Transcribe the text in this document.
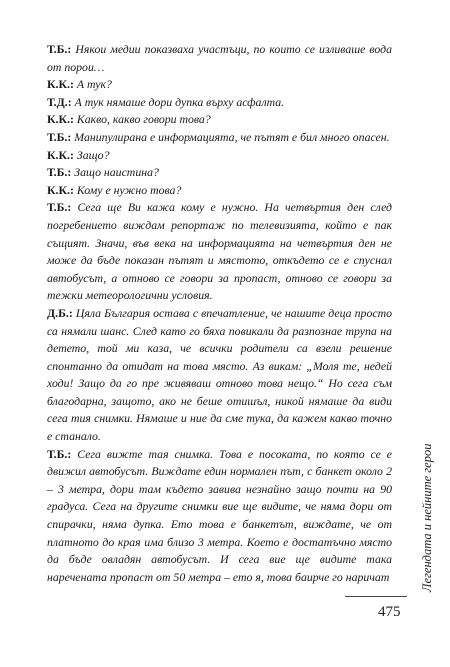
Т.Б.: Някои медии показваха участъци, по които се изливаше вода от порои…

К.К.: А тук?

Т.Д.: А тук нямаше дори дупка върху асфалта.

К.К.: Какво, какво говори това?

Т.Б.: Манипулирана е информацията, че пътят е бил много опасен.

К.К.: Защо?

Т.Б.: Защо наистина?

К.К.: Кому е нужно това?

Т.Б.: Сега ще Ви кажа кому е нужно. На четвъртия ден след погребението виждам репортаж по телевизията, който е пак същият. Значи, във века на информацията на четвъртия ден не може да бъде показан пътят и мястото, откъдето се е спуснал автобусът, а отново се говори за пропаст, отново се говори за тежки метеорологични условия.

Д.Б.: Цяла България остава с впечатление, че нашите деца просто са нямали шанс. След като го бяха повикали да разпознае трупа на детето, той ми каза, че всички родители са взели решение спонтанно да отидат на това място. Аз викам: „Моля те, недей ходи! Защо да го пре живяваш отново това нещо.“ Но сега съм благодарна, защото, ако не беше отишъл, никой нямаше да види сега тия снимки. Нямаше и ние да сме тука, да кажем какво точно е станало.

Т.Б.: Сега вижте тая снимка. Това е посоката, по която се е движил автобусът. Виждате един нормален път, с банкет около 2 – 3 метра, дори там където завива незнайно защо почти на 90 градуса. Сега на другите снимки вие ще видите, че няма дори от спирачки, няма дупка. Ето това е банкетът, виждате, че от платното до края има близо 3 метра. Което е достатъчно място да бъде овладян автобусът. И сега вие ще видите така наречената пропаст от 50 метра – ето я, това баирче го наричат Легендата и нейните герои
475
